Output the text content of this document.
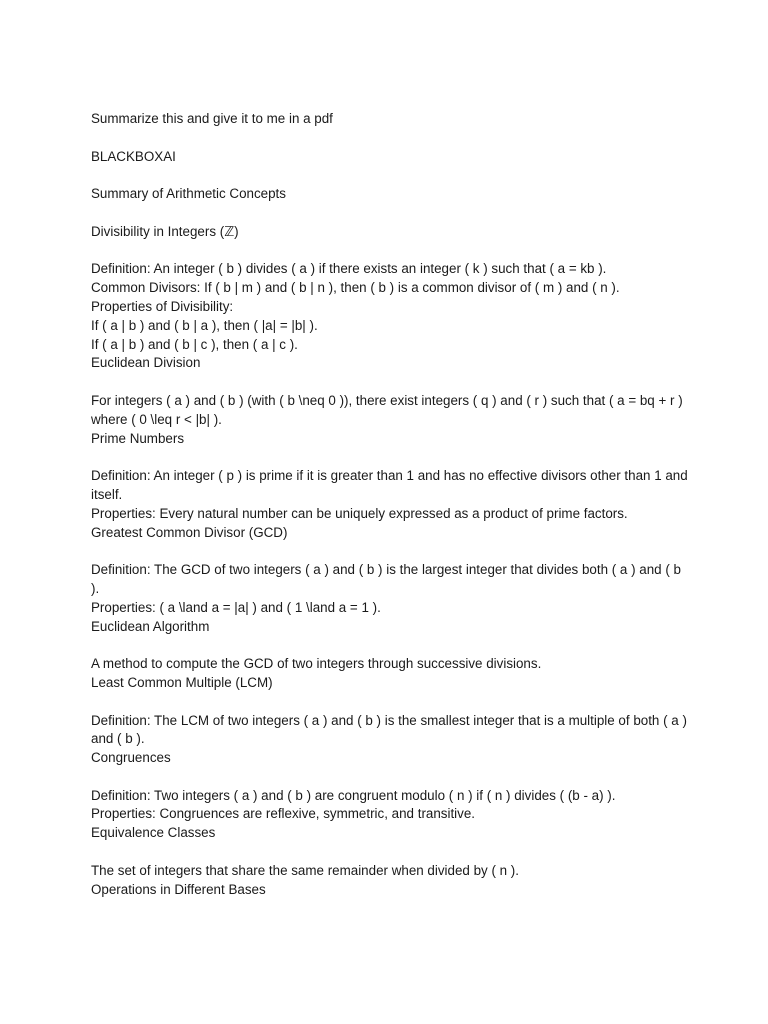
Summarize this and give it to me in a pdf

BLACKBOXAI

Summary of Arithmetic Concepts

Divisibility in Integers (ℤ)

Definition: An integer ( b ) divides ( a ) if there exists an integer ( k ) such that ( a = kb ).

Common Divisors: If ( b | m ) and ( b | n ), then ( b ) is a common divisor of ( m ) and ( n ).

Properties of Divisibility:

If ( a | b ) and ( b | a ), then ( |a| = |b| ).

If ( a | b ) and ( b | c ), then ( a | c ).

Euclidean Division

For integers ( a ) and ( b ) (with ( b \neq 0 )), there exist integers ( q ) and ( r ) such that ( a = bq + r ) where ( 0 \leq r < |b| ).

Prime Numbers

Definition: An integer ( p ) is prime if it is greater than 1 and has no effective divisors other than 1 and itself.

Properties: Every natural number can be uniquely expressed as a product of prime factors.

Greatest Common Divisor (GCD)

Definition: The GCD of two integers ( a ) and ( b ) is the largest integer that divides both ( a ) and ( b ).

Properties: ( a \land a = |a| ) and ( 1 \land a = 1 ).

Euclidean Algorithm

A method to compute the GCD of two integers through successive divisions.

Least Common Multiple (LCM)

Definition: The LCM of two integers ( a ) and ( b ) is the smallest integer that is a multiple of both ( a ) and ( b ).

Congruences

Definition: Two integers ( a ) and ( b ) are congruent modulo ( n ) if ( n ) divides ( (b - a) ).

Properties: Congruences are reflexive, symmetric, and transitive.

Equivalence Classes

The set of integers that share the same remainder when divided by ( n ).

Operations in Different Bases
